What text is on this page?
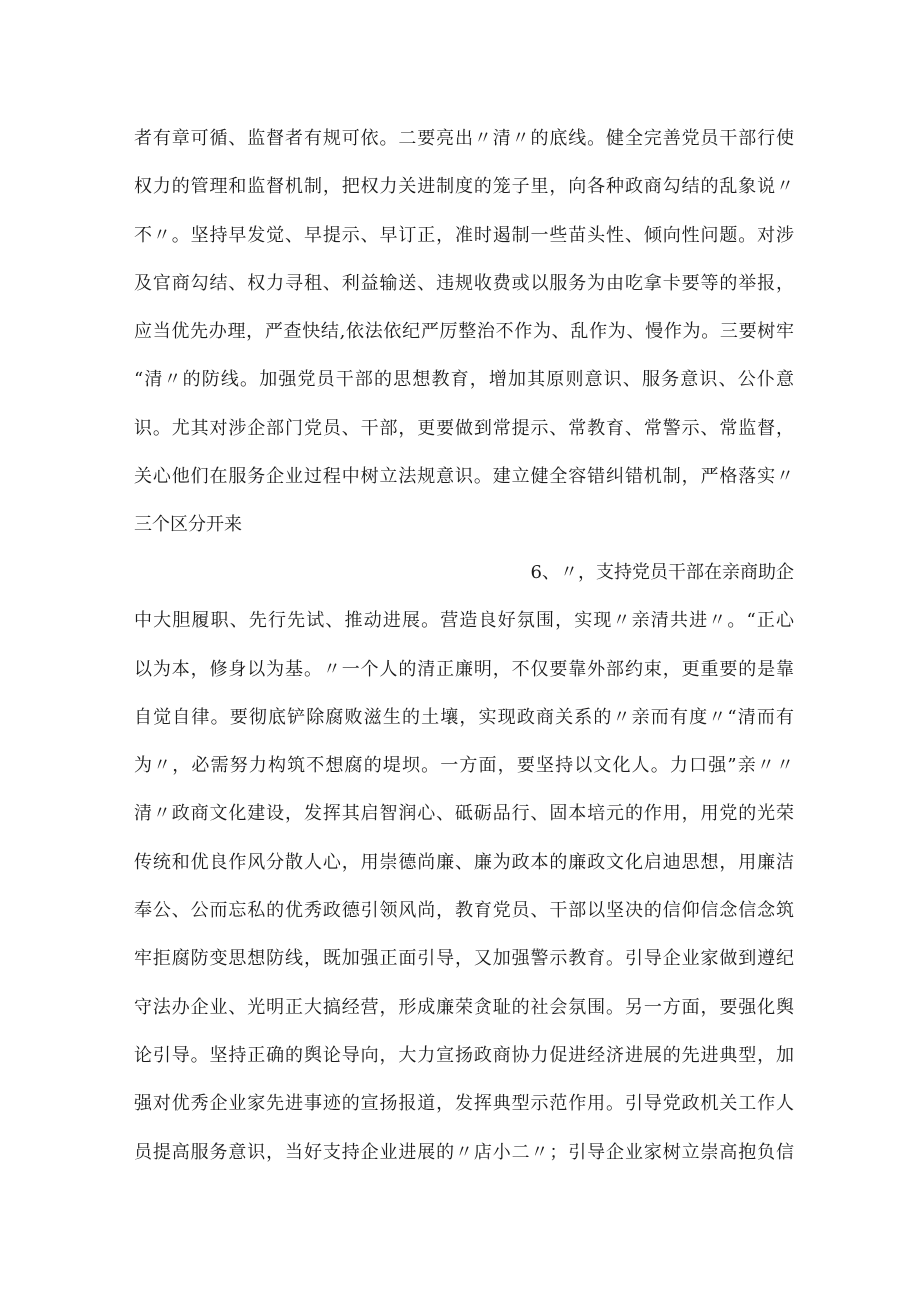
者有章可循、监督者有规可依。二要亮出〃清〃的底线。健全完善党员干部行使
权力的管理和监督机制，把权力关进制度的笼子里，向各种政商勾结的乱象说〃
不〃。坚持早发觉、早提示、早订正，准时遏制一些苗头性、倾向性问题。对涉
及官商勾结、权力寻租、利益输送、违规收费或以服务为由吃拿卡要等的举报，
应当优先办理，严查快结,依法依纪严厉整治不作为、乱作为、慢作为。三要树牢
“清〃的防线。加强党员干部的思想教育，增加其原则意识、服务意识、公仆意
识。尤其对涉企部门党员、干部，更要做到常提示、常教育、常警示、常监督，
关心他们在服务企业过程中树立法规意识。建立健全容错纠错机制，严格落实〃
三个区分开来
6、〃，支持党员干部在亲商助企
中大胆履职、先行先试、推动进展。营造良好氛围，实现〃亲清共进〃。“正心
以为本，修身以为基。〃一个人的清正廉明，不仅要靠外部约束，更重要的是靠
自觉自律。要彻底铲除腐败滋生的土壤，实现政商关系的〃亲而有度〃“清而有
为〃，必需努力构筑不想腐的堤坝。一方面，要坚持以文化人。力口强”亲〃〃
清〃政商文化建设，发挥其启智润心、砥砺品行、固本培元的作用，用党的光荣
传统和优良作风分散人心，用崇德尚廉、廉为政本的廉政文化启迪思想，用廉洁
奉公、公而忘私的优秀政德引领风尚，教育党员、干部以坚决的信仰信念信念筑
牢拒腐防变思想防线，既加强正面引导，又加强警示教育。引导企业家做到遵纪
守法办企业、光明正大搞经营，形成廉荣贪耻的社会氛围。另一方面，要强化舆
论引导。坚持正确的舆论导向，大力宣扬政商协力促进经济进展的先进典型，加
强对优秀企业家先进事迹的宣扬报道，发挥典型示范作用。引导党政机关工作人
员提高服务意识，当好支持企业进展的〃店小二〃；引导企业家树立崇高抱负信
